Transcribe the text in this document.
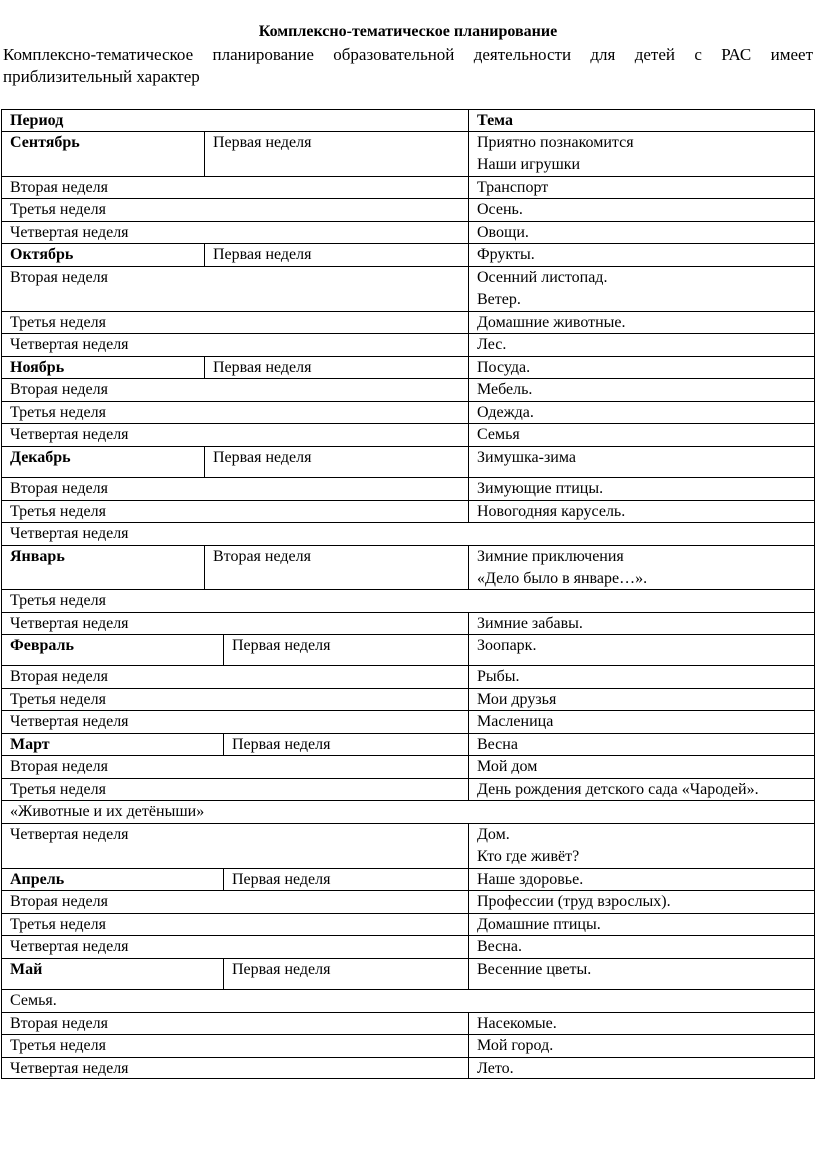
Комплексно-тематическое планирование
Комплексно-тематическое планирование образовательной деятельности для детей с РАС имеет приблизительный характер
Период	Тема
Сентябрь	Первая неделя	Приятно познакомится
Наши игрушки
Вторая неделя	Транспорт
Третья неделя	Осень.
Четвертая неделя	Овощи.
Октябрь	Первая неделя	Фрукты.
Вторая неделя	Осенний листопад.
Ветер.
Третья неделя	Домашние животные.
Четвертая неделя	Лес.
Ноябрь	Первая неделя	Посуда.
Вторая неделя	Мебель.
Третья неделя	Одежда.
Четвертая неделя	Семья
Декабрь	Первая неделя	Зимушка-зима
Вторая неделя	Зимующие птицы.
Третья неделя	Новогодняя карусель.
Четвертая неделя
Январь	Вторая неделя	Зимние приключения
«Дело было в январе…».
Третья неделя
Четвертая неделя	Зимние забавы.
Февраль	Первая неделя	Зоопарк.
Вторая неделя	Рыбы.
Третья неделя	Мои друзья
Четвертая неделя	Масленица
Март	Первая неделя	Весна
Вторая неделя	Мой дом
Третья неделя	День рождения детского сада «Чародей».
«Животные и их детёныши»
Четвертая неделя	Дом.
Кто где живёт?
Апрель	Первая неделя	Наше здоровье.
Вторая неделя	Профессии (труд взрослых).
Третья неделя	Домашние птицы.
Четвертая неделя	Весна.
Май	Первая неделя	Весенние цветы.
Семья.
Вторая неделя	Насекомые.
Третья неделя	Мой город.
Четвертая неделя	Лето.
